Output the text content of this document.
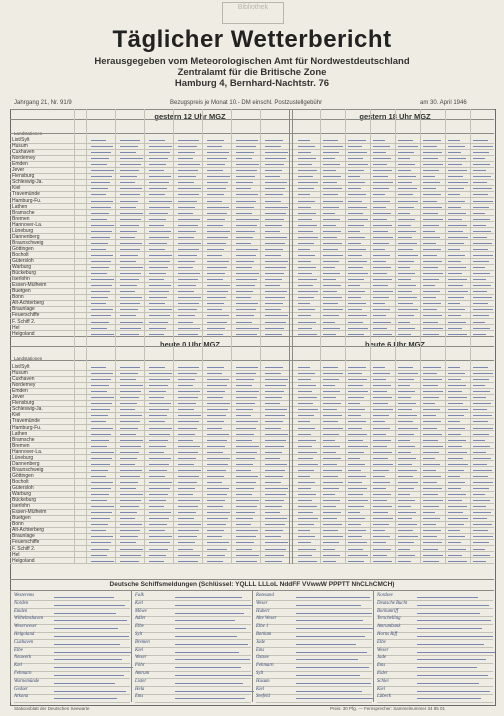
Bibliothek
Täglicher Wetterbericht
Herausgegeben vom Meteorologischen Amt für Nordwestdeutschland
Zentralamt für die Britische Zone
Hamburg 4, Bernhard-Nachtstr. 76
Jahrgang 21, Nr. 91/9	Bezugspreis je Monat 10.- DM einschl. Postzustellgebühr	am 30. April 1946
gestern 12 Uhr MGZ	gestern 18 Uhr MGZ
heute 0 Uhr MGZ	heute 6 Uhr MGZ
Landstationen
Landstationen
Deutsche Schiffsmeldungen (Schlüssel: YQLLL LLLoL NddFF VVwwW PPPTT NhCLhCMCH)
Stationsblatt der Deutschen Seewarte	Preis: 30 Pfg. — Fernsprecher: Sammelnummer 34 85 01
List/Sylt
Husum
Cuxhaven
Norderney
Emden
Jever
Flensburg
Schleswig-Ja.
Kiel
Travemünde
Hamburg-Fu.
Lathen
Bramsche
Bremen
Hannover-La.
Lüneburg
Dannenberg
Braunschweig
Göttingen
Bocholt
Gütersloh
Warburg
Bückeburg
Iserlohn
Essen-Mülheim
Buetgen
Bonn
Alt-Achterberg
Braunlage
Feuerschiffe
F. Schiff 2.
Hel
Helgoland
List/Sylt
Husum
Cuxhaven
Norderney
Emden
Jever
Flensburg
Schleswig-Ja.
Kiel
Travemünde
Hamburg-Fu.
Lathen
Bramsche
Bremen
Hannover-La.
Lüneburg
Dannenberg
Braunschweig
Göttingen
Bocholt
Gütersloh
Warburg
Bückeburg
Iserlohn
Essen-Mülheim
Buetgen
Bonn
Alt-Achterberg
Braunlage
Feuerschiffe
F. Schiff 2.
Hel
Helgoland
Westerems
Norden
Emden
Wilhelmshaven
Weserweser
Helgoland
Cuxhaven
Elbe
Neuwerk
Kiel
Fehmarn
Warnemünde
Gedser
Arkona
Falk
Kiel
Möwe
Adler
Elbe
Sylt
Bremen
Kiel
Weser
Föhr
Amrum
Lister
Hela
Ems
Rotesand
Weser
Hubert
Alte Weser
Elbe 1
Borkum
Jade
Ems
Ostsee
Fehmarn
Sylt
Husum
Kiel
Seefeld
Nordsee
Deutsche Bucht
Borkumriff
Terschelling
Amrumbank
Horns Riff
Elbe
Weser
Jade
Ems
Eider
Schlei
Kiel
Lübeck
